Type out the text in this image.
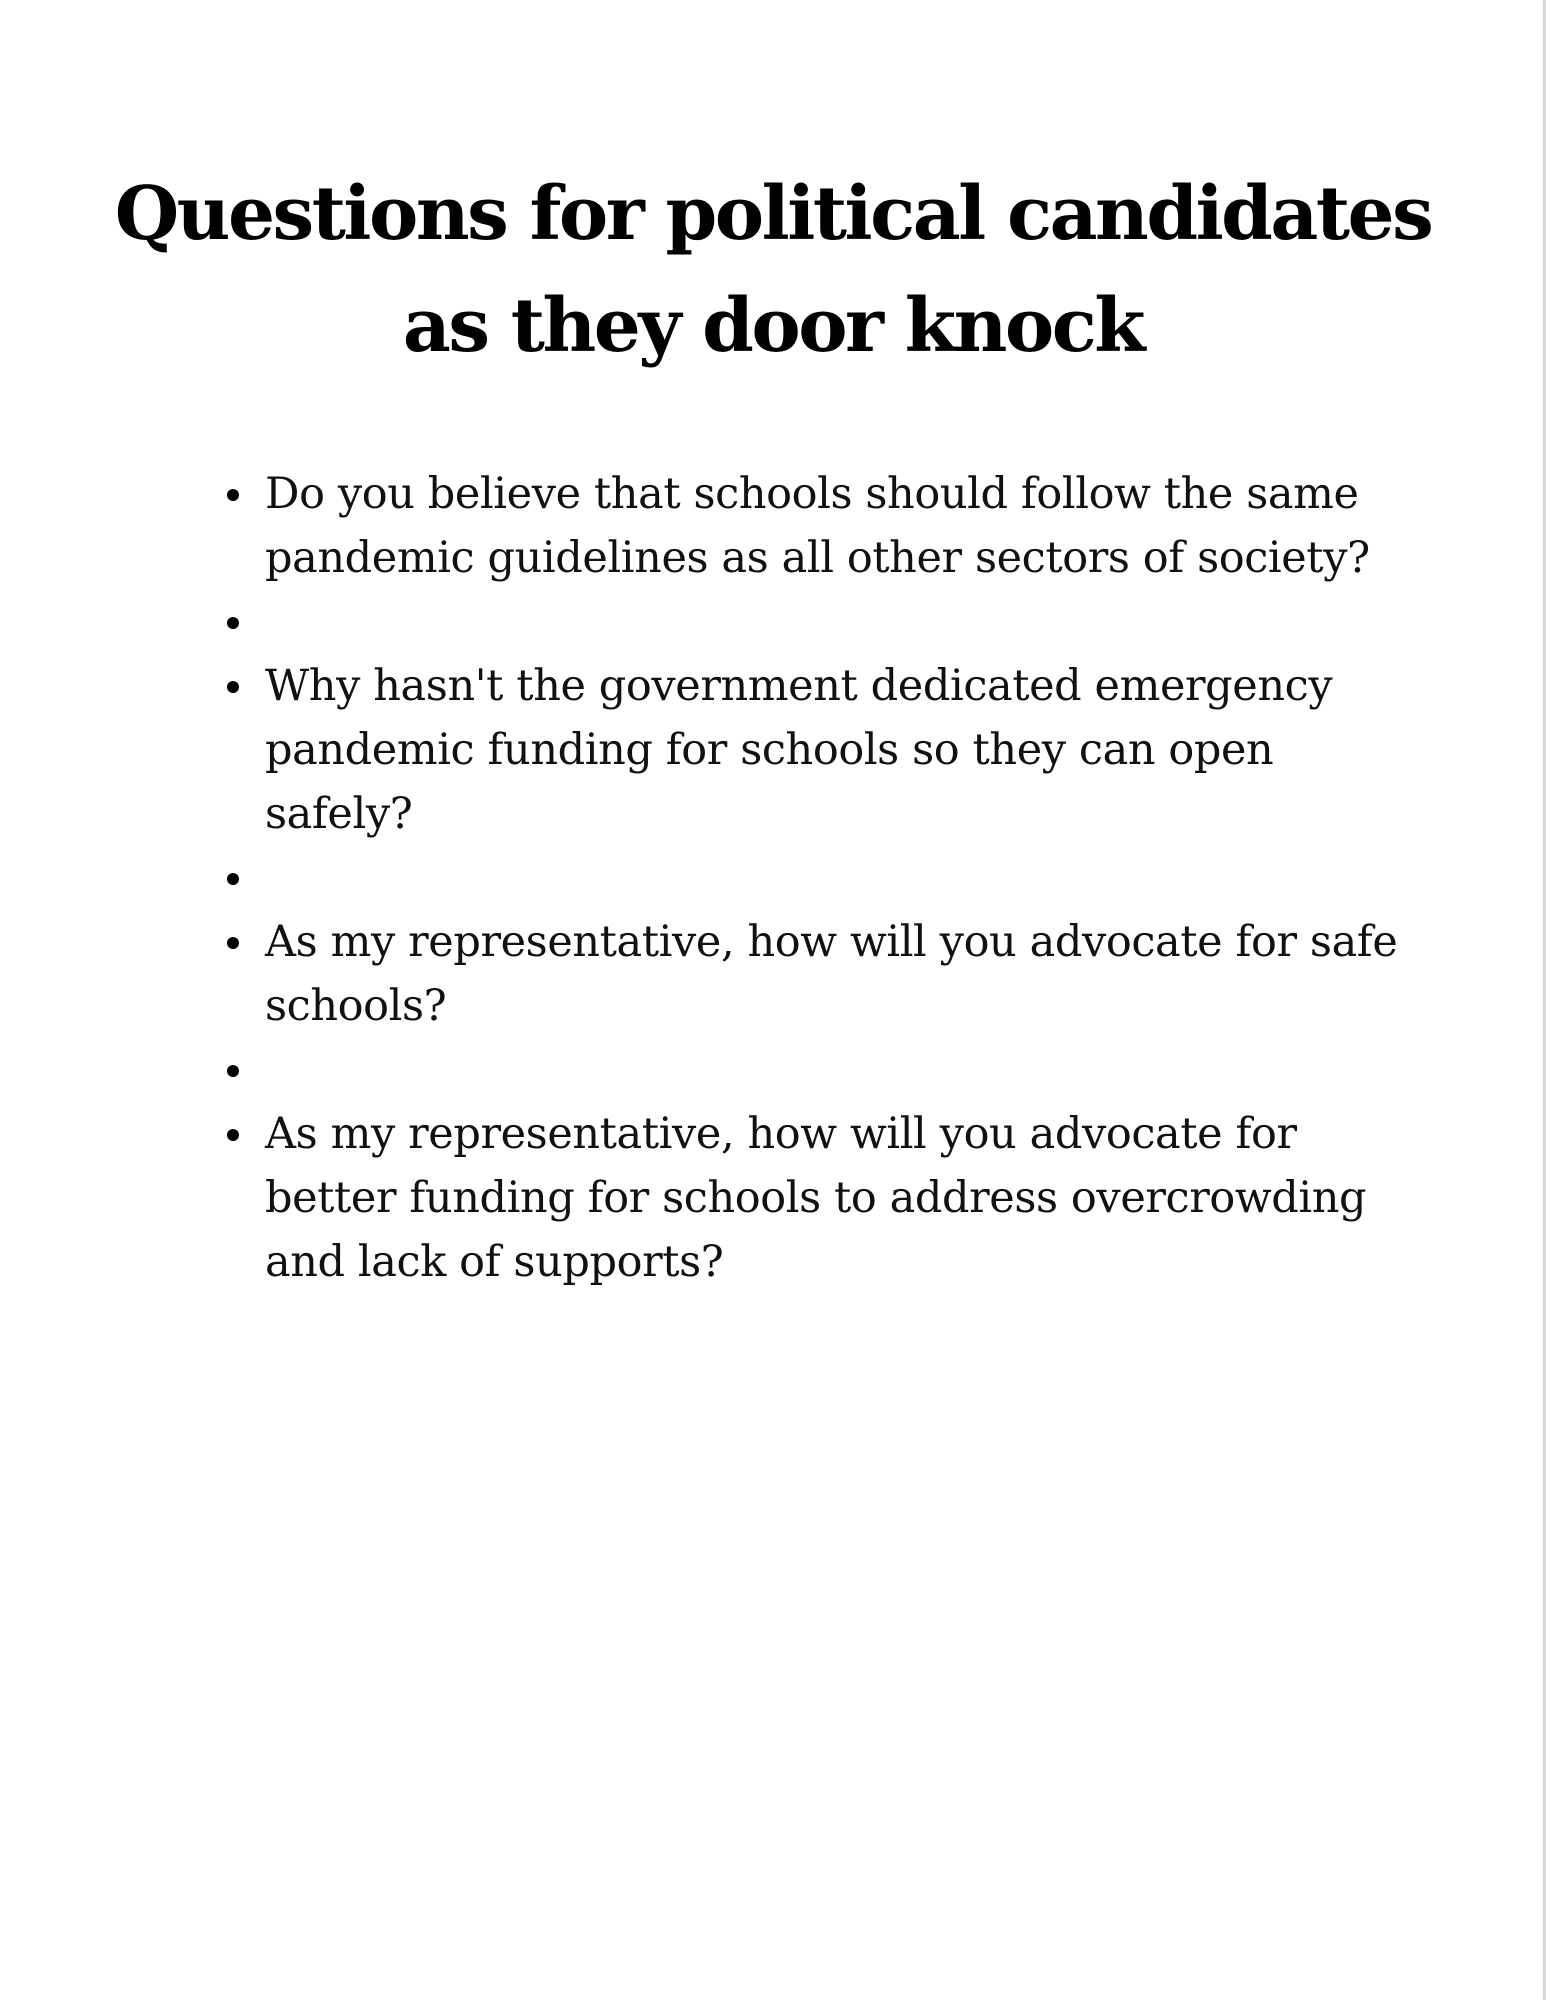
Questions for political candidates
as they door knock
Do you believe that schools should follow the same pandemic guidelines as all other sectors of society?
Why hasn't the government dedicated emergency pandemic funding for schools so they can open safely?
As my representative, how will you advocate for safe schools?
As my representative, how will you advocate for better funding for schools to address overcrowding and lack of supports?
